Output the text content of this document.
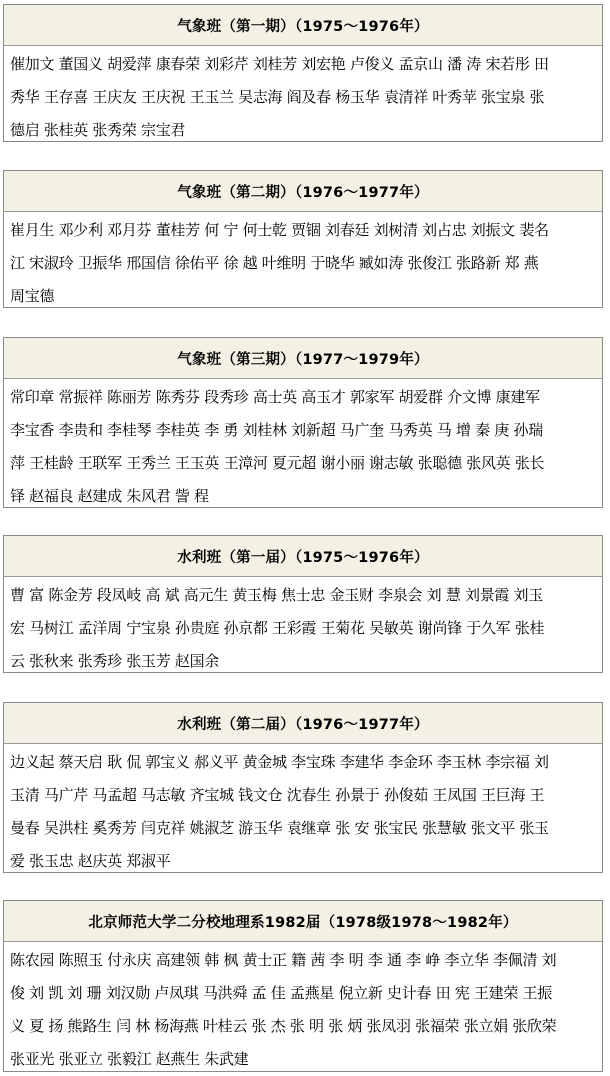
气象班（第一期）（1975～1976年）
催加文 董国义 胡爱萍 康春荣 刘彩芹 刘桂芳 刘宏艳 卢俊义 孟京山 潘 涛 宋若彤 田
秀华 王存喜 王庆友 王庆祝 王玉兰 吴志海 阎及春 杨玉华 袁清祥 叶秀苹 张宝泉 张
德启 张桂英 张秀荣 宗宝君
气象班（第二期）（1976～1977年）
崔月生 邓少利 邓月芬 董桂芳 何 宁 何士乾 贾锢 刘春廷 刘树清 刘占忠 刘振文 裴名
江 宋淑玲 卫振华 邢国信 徐佑平 徐 越 叶维明 于晓华 臧如涛 张俊江 张路新 郑 燕
周宝德
气象班（第三期）（1977～1979年）
常印章 常振祥 陈丽芳 陈秀芬 段秀珍 高士英 高玉才 郭家军 胡爱群 介文博 康建军
李宝香 李贵和 李桂琴 李桂英 李 勇 刘桂林 刘新超 马广奎 马秀英 马 增 秦 庚 孙瑞
萍 王桂龄 王联军 王秀兰 王玉英 王漳河 夏元超 谢小丽 谢志敏 张聪德 张风英 张长
铎 赵福良 赵建成 朱风君 訾 程
水利班（第一届）（1975～1976年）
曹 富 陈金芳 段凤岐 高 斌 高元生 黄玉梅 焦士忠 金玉财 李泉会 刘 慧 刘景霞 刘玉
宏 马树江 孟洋周 宁宝泉 孙贵庭 孙京都 王彩霞 王菊花 吴敏英 谢尚锋 于久军 张桂
云 张秋来 张秀珍 张玉芳 赵国余
水利班（第二届）（1976～1977年）
边义起 蔡天启 耿 侃 郭宝义 郝义平 黄金城 李宝珠 李建华 李金环 李玉林 李宗福 刘
玉清 马广芹 马孟超 马志敏 齐宝城 钱文仓 沈春生 孙景于 孙俊茹 王凤国 王巨海 王
曼春 吴洪柱 奚秀芳 闫克祥 姚淑芝 游玉华 袁继章 张 安 张宝民 张慧敏 张文平 张玉
爱 张玉忠 赵庆英 郑淑平
北京师范大学二分校地理系1982届（1978级1978～1982年）
陈农园 陈照玉 付永庆 高建领 韩 枫 黄士正 籍 茜 李 明 李 通 李 峥 李立华 李佩清 刘
俊 刘 凯 刘 珊 刘汉勋 卢凤琪 马洪舜 孟 佳 孟燕星 倪立新 史计春 田 宪 王建荣 王振
义 夏 扬 熊路生 闫 林 杨海燕 叶桂云 张 杰 张 明 张 炳 张凤羽 张福荣 张立娟 张欣荣
张亚光 张亚立 张毅江 赵燕生 朱武建
